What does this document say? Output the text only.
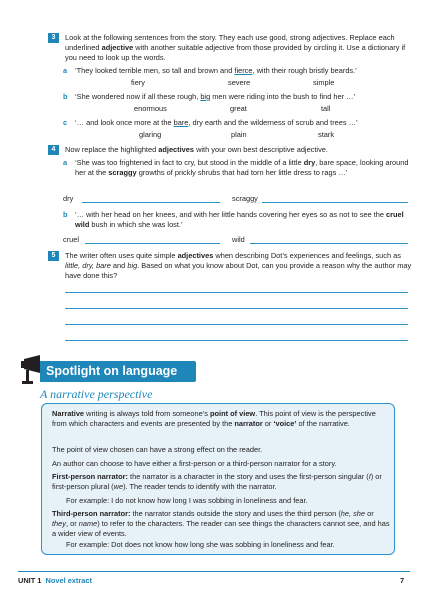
3	Look at the following sentences from the story. They each use good, strong adjectives. Replace each underlined adjective with another suitable adjective from those provided by circling it. Use a dictionary if you need to look up the words.
a ‘They looked terrible men, so tall and brown and fierce, with their rough bristly beards.’
fiery	severe	simple
b ‘She wondered now if all these rough, big men were riding into the bush to find her …’
enormous	great	tall
c ‘… and look once more at the bare, dry earth and the wilderness of scrub and trees …’
glaring	plain	stark
4	Now replace the highlighted adjectives with your own best descriptive adjective.
a ‘She was too frightened in fact to cry, but stood in the middle of a little dry, bare space, looking around her at the scraggy growths of prickly shrubs that had torn her little dress to rags …’
dry	scraggy
b ‘… with her head on her knees, and with her little hands covering her eyes so as not to see the cruel wild bush in which she was lost.’
cruel	wild
5	The writer often uses quite simple adjectives when describing Dot’s experiences and feelings, such as little, dry, bare and big. Based on what you know about Dot, can you provide a reason why the author may have done this?
Spotlight on language
A narrative perspective
Narrative writing is always told from someone’s point of view. This point of view is the perspective from which characters and events are presented by the narrator or ‘voice’ of the narrative.
The point of view chosen can have a strong effect on the reader.
An author can choose to have either a first-person or a third-person narrator for a story.
First-person narrator: the narrator is a character in the story and uses the first-person singular (I) or first-person plural (we). The reader tends to identify with the narrator.
For example: I do not know how long I was sobbing in loneliness and fear.
Third-person narrator: the narrator stands outside the story and uses the third person (he, she or they, or name) to refer to the characters. The reader can see things the characters cannot see, and has a wider view of events.
For example: Dot does not know how long she was sobbing in loneliness and fear.
UNIT 1 Novel extract	7
